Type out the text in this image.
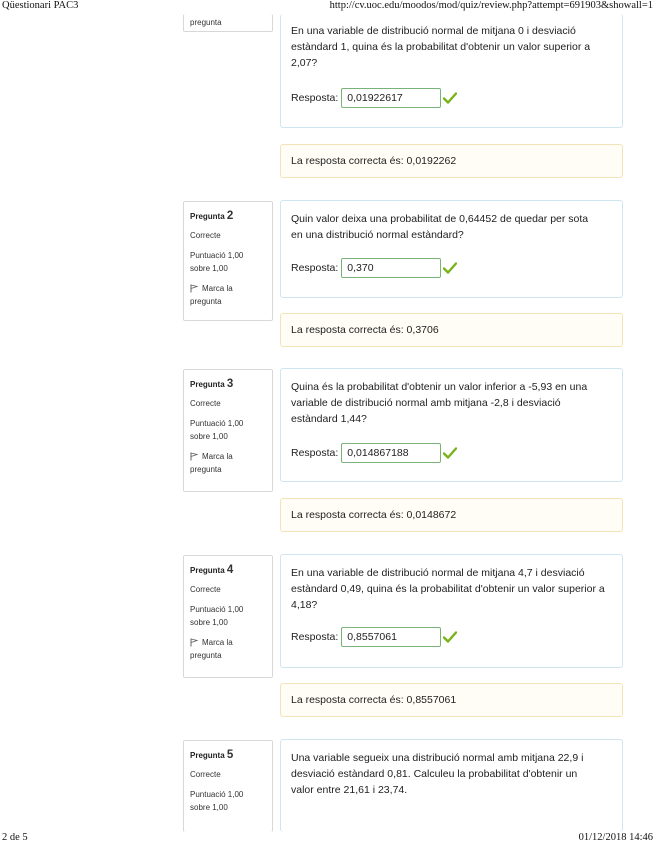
Qüestionari PAC3	http://cv.uoc.edu/moodos/mod/quiz/review.php?attempt=691903&showall=1
pregunta
En una variable de distribució normal de mitjana 0 i desviació estàndard 1, quina és la probabilitat d'obtenir un valor superior a 2,07?
Resposta: 0,01922617
La resposta correcta és: 0,0192262
Pregunta 2
Correcte
Puntuació 1,00
sobre 1,00
Marca la
pregunta
Quin valor deixa una probabilitat de 0,64452 de quedar per sota en una distribució normal estàndard?
Resposta: 0,370
La resposta correcta és: 0,3706
Pregunta 3
Correcte
Puntuació 1,00
sobre 1,00
Marca la
pregunta
Quina és la probabilitat d'obtenir un valor inferior a -5,93 en una variable de distribució normal amb mitjana -2,8 i desviació estàndard 1,44?
Resposta: 0,014867188
La resposta correcta és: 0,0148672
Pregunta 4
Correcte
Puntuació 1,00
sobre 1,00
Marca la
pregunta
En una variable de distribució normal de mitjana 4,7 i desviació estàndard 0,49, quina és la probabilitat d'obtenir un valor superior a 4,18?
Resposta: 0,8557061
La resposta correcta és: 0,8557061
Pregunta 5
Correcte
Puntuació 1,00
sobre 1,00
Una variable segueix una distribució normal amb mitjana 22,9 i desviació estàndard 0,81. Calculeu la probabilitat d'obtenir un valor entre 21,61 i 23,74.
2 de 5	01/12/2018 14:46
